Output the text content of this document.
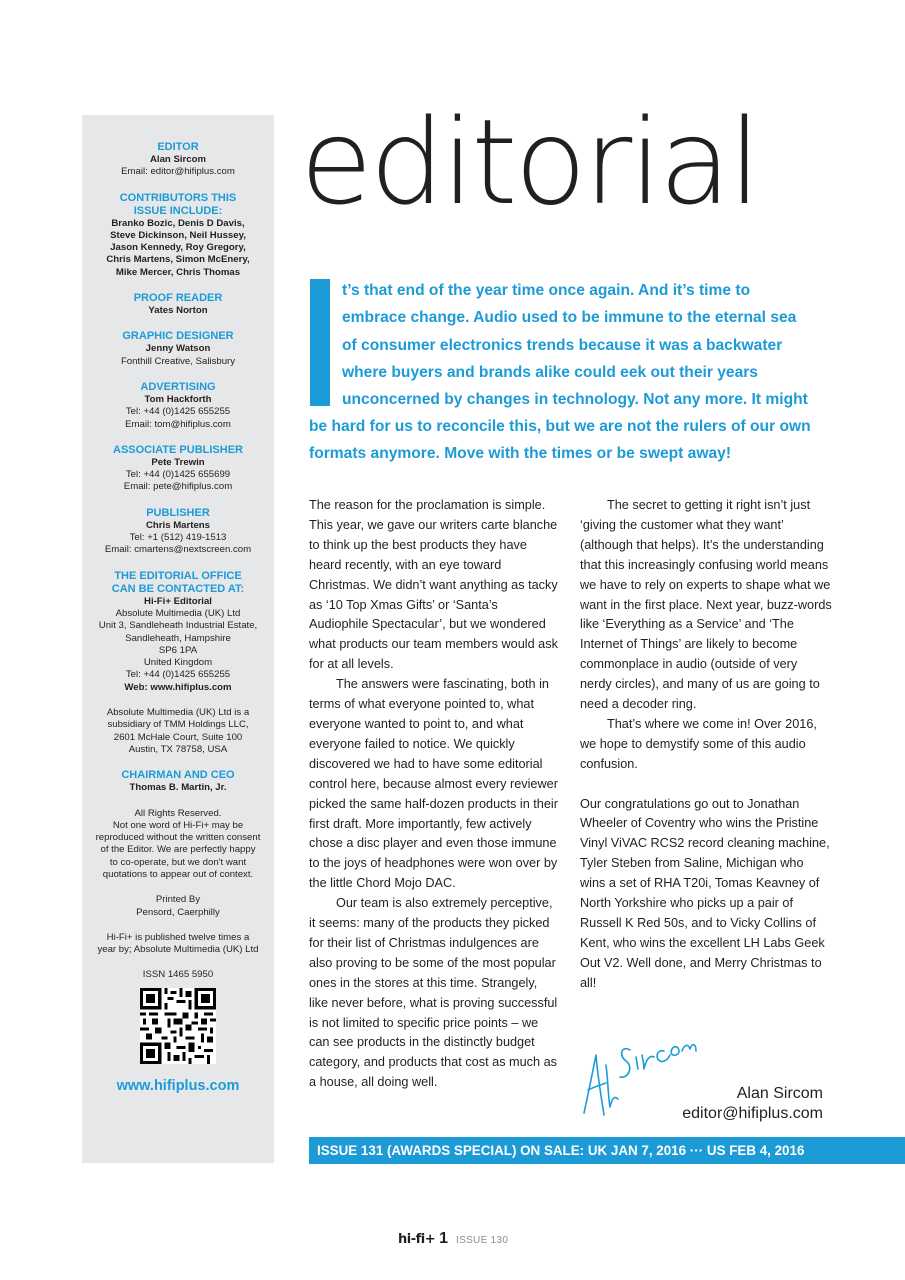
EDITOR
Alan Sircom
Email: editor@hifiplus.com
CONTRIBUTORS THIS
ISSUE INCLUDE:
Branko Bozic, Denis D Davis,
Steve Dickinson, Neil Hussey,
Jason Kennedy, Roy Gregory,
Chris Martens, Simon McEnery,
Mike Mercer, Chris Thomas
PROOF READER
Yates Norton
GRAPHIC DESIGNER
Jenny Watson
Fonthill Creative, Salisbury
ADVERTISING
Tom Hackforth
Tel: +44 (0)1425 655255
Email: tom@hifiplus.com
ASSOCIATE PUBLISHER
Pete Trewin
Tel: +44 (0)1425 655699
Email: pete@hifiplus.com
PUBLISHER
Chris Martens
Tel: +1 (512) 419-1513
Email: cmartens@nextscreen.com
THE EDITORIAL OFFICE
CAN BE CONTACTED AT:
Hi-Fi+ Editorial
Absolute Multimedia (UK) Ltd
Unit 3, Sandleheath Industrial Estate,
Sandleheath, Hampshire
SP6 1PA
United Kingdom
Tel: +44 (0)1425 655255
Web: www.hifiplus.com
Absolute Multimedia (UK) Ltd is a
subsidiary of TMM Holdings LLC,
2601 McHale Court, Suite 100
Austin, TX 78758, USA
CHAIRMAN AND CEO
Thomas B. Martin, Jr.
All Rights Reserved.
Not one word of Hi-Fi+ may be
reproduced without the written consent
of the Editor. We are perfectly happy
to co-operate, but we don't want
quotations to appear out of context.
Printed By
Pensord, Caerphilly
Hi-Fi+ is published twelve times a
year by; Absolute Multimedia (UK) Ltd
ISSN 1465 5950
www.hifiplus.com
editorial
t’s that end of the year time once again. And it’s time to
embrace change. Audio used to be immune to the eternal sea
of consumer electronics trends because it was a backwater
where buyers and brands alike could eek out their years
unconcerned by changes in technology. Not any more. It might
be hard for us to reconcile this, but we are not the rulers of our own formats anymore. Move with the times or be swept away!

The reason for the proclamation is simple. This year, we gave our writers carte blanche to think up the best products they have heard recently, with an eye toward Christmas. We didn’t want anything as tacky as ‘10 Top Xmas Gifts’ or ‘Santa’s Audiophile Spectacular’, but we wondered what products our team members would ask for at all levels.

The answers were fascinating, both in terms of what everyone pointed to, what everyone wanted to point to, and what everyone failed to notice. We quickly discovered we had to have some editorial control here, because almost every reviewer picked the same half-dozen products in their first draft. More importantly, few actively chose a disc player and even those immune to the joys of headphones were won over by the little Chord Mojo DAC.

Our team is also extremely perceptive, it seems: many of the products they picked for their list of Christmas indulgences are also proving to be some of the most popular ones in the stores at this time. Strangely, like never before, what is proving successful is not limited to specific price points – we can see products in the distinctly budget category, and products that cost as much as a house, all doing well.

The secret to getting it right isn’t just ‘giving the customer what they want’ (although that helps). It’s the understanding that this increasingly confusing world means we have to rely on experts to shape what we want in the first place. Next year, buzz-words like ‘Everything as a Service’ and ‘The Internet of Things’ are likely to become commonplace in audio (outside of very nerdy circles), and many of us are going to need a decoder ring.

That’s where we come in! Over 2016, we hope to demystify some of this audio confusion.

Our congratulations go out to Jonathan Wheeler of Coventry who wins the Pristine Vinyl ViVAC RCS2 record cleaning machine, Tyler Steben from Saline, Michigan who wins a set of RHA T20i, Tomas Keavney of North Yorkshire who picks up a pair of Russell K Red 50s, and to Vicky Collins of Kent, who wins the excellent LH Labs Geek Out V2. Well done, and Merry Christmas to all!

Alan Sircom
editor@hifiplus.com
ISSUE 131 (AWARDS SPECIAL) ON SALE: UK JAN 7, 2016 ··· US FEB 4, 2016
hi-fi+ 1 ISSUE 130
